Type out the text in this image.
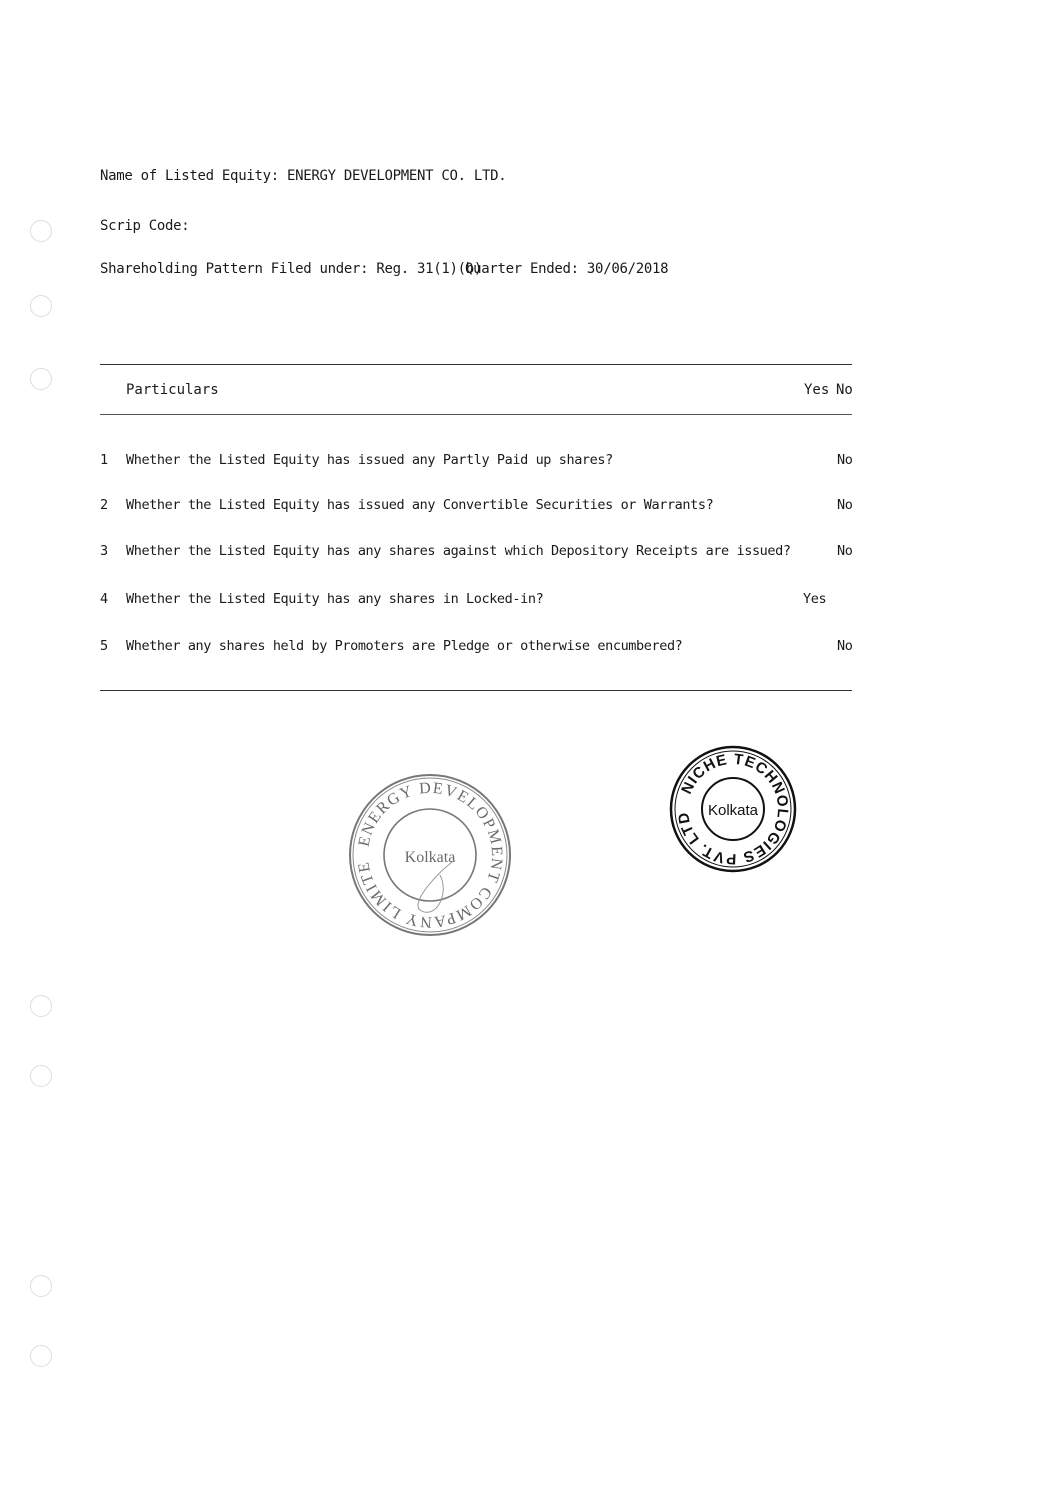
Name of Listed Equity: ENERGY DEVELOPMENT CO. LTD.
Scrip Code:
Shareholding Pattern Filed under: Reg. 31(1)(b)
Quarter Ended: 30/06/2018
Particulars	Yes No
1 Whether the Listed Equity has issued any Partly Paid up shares?	No
2 Whether the Listed Equity has issued any Convertible Securities or Warrants?	No
3 Whether the Listed Equity has any shares against which Depository Receipts are issued?	No
4 Whether the Listed Equity has any shares in Locked-in?	Yes
5 Whether any shares held by Promoters are Pledge or otherwise encumbered?	No
ENERGY DEVELOPMENT COMPANY LIMITE
Kolkata
NICHE TECHNOLOGIES PVT. LTD Kolkata
